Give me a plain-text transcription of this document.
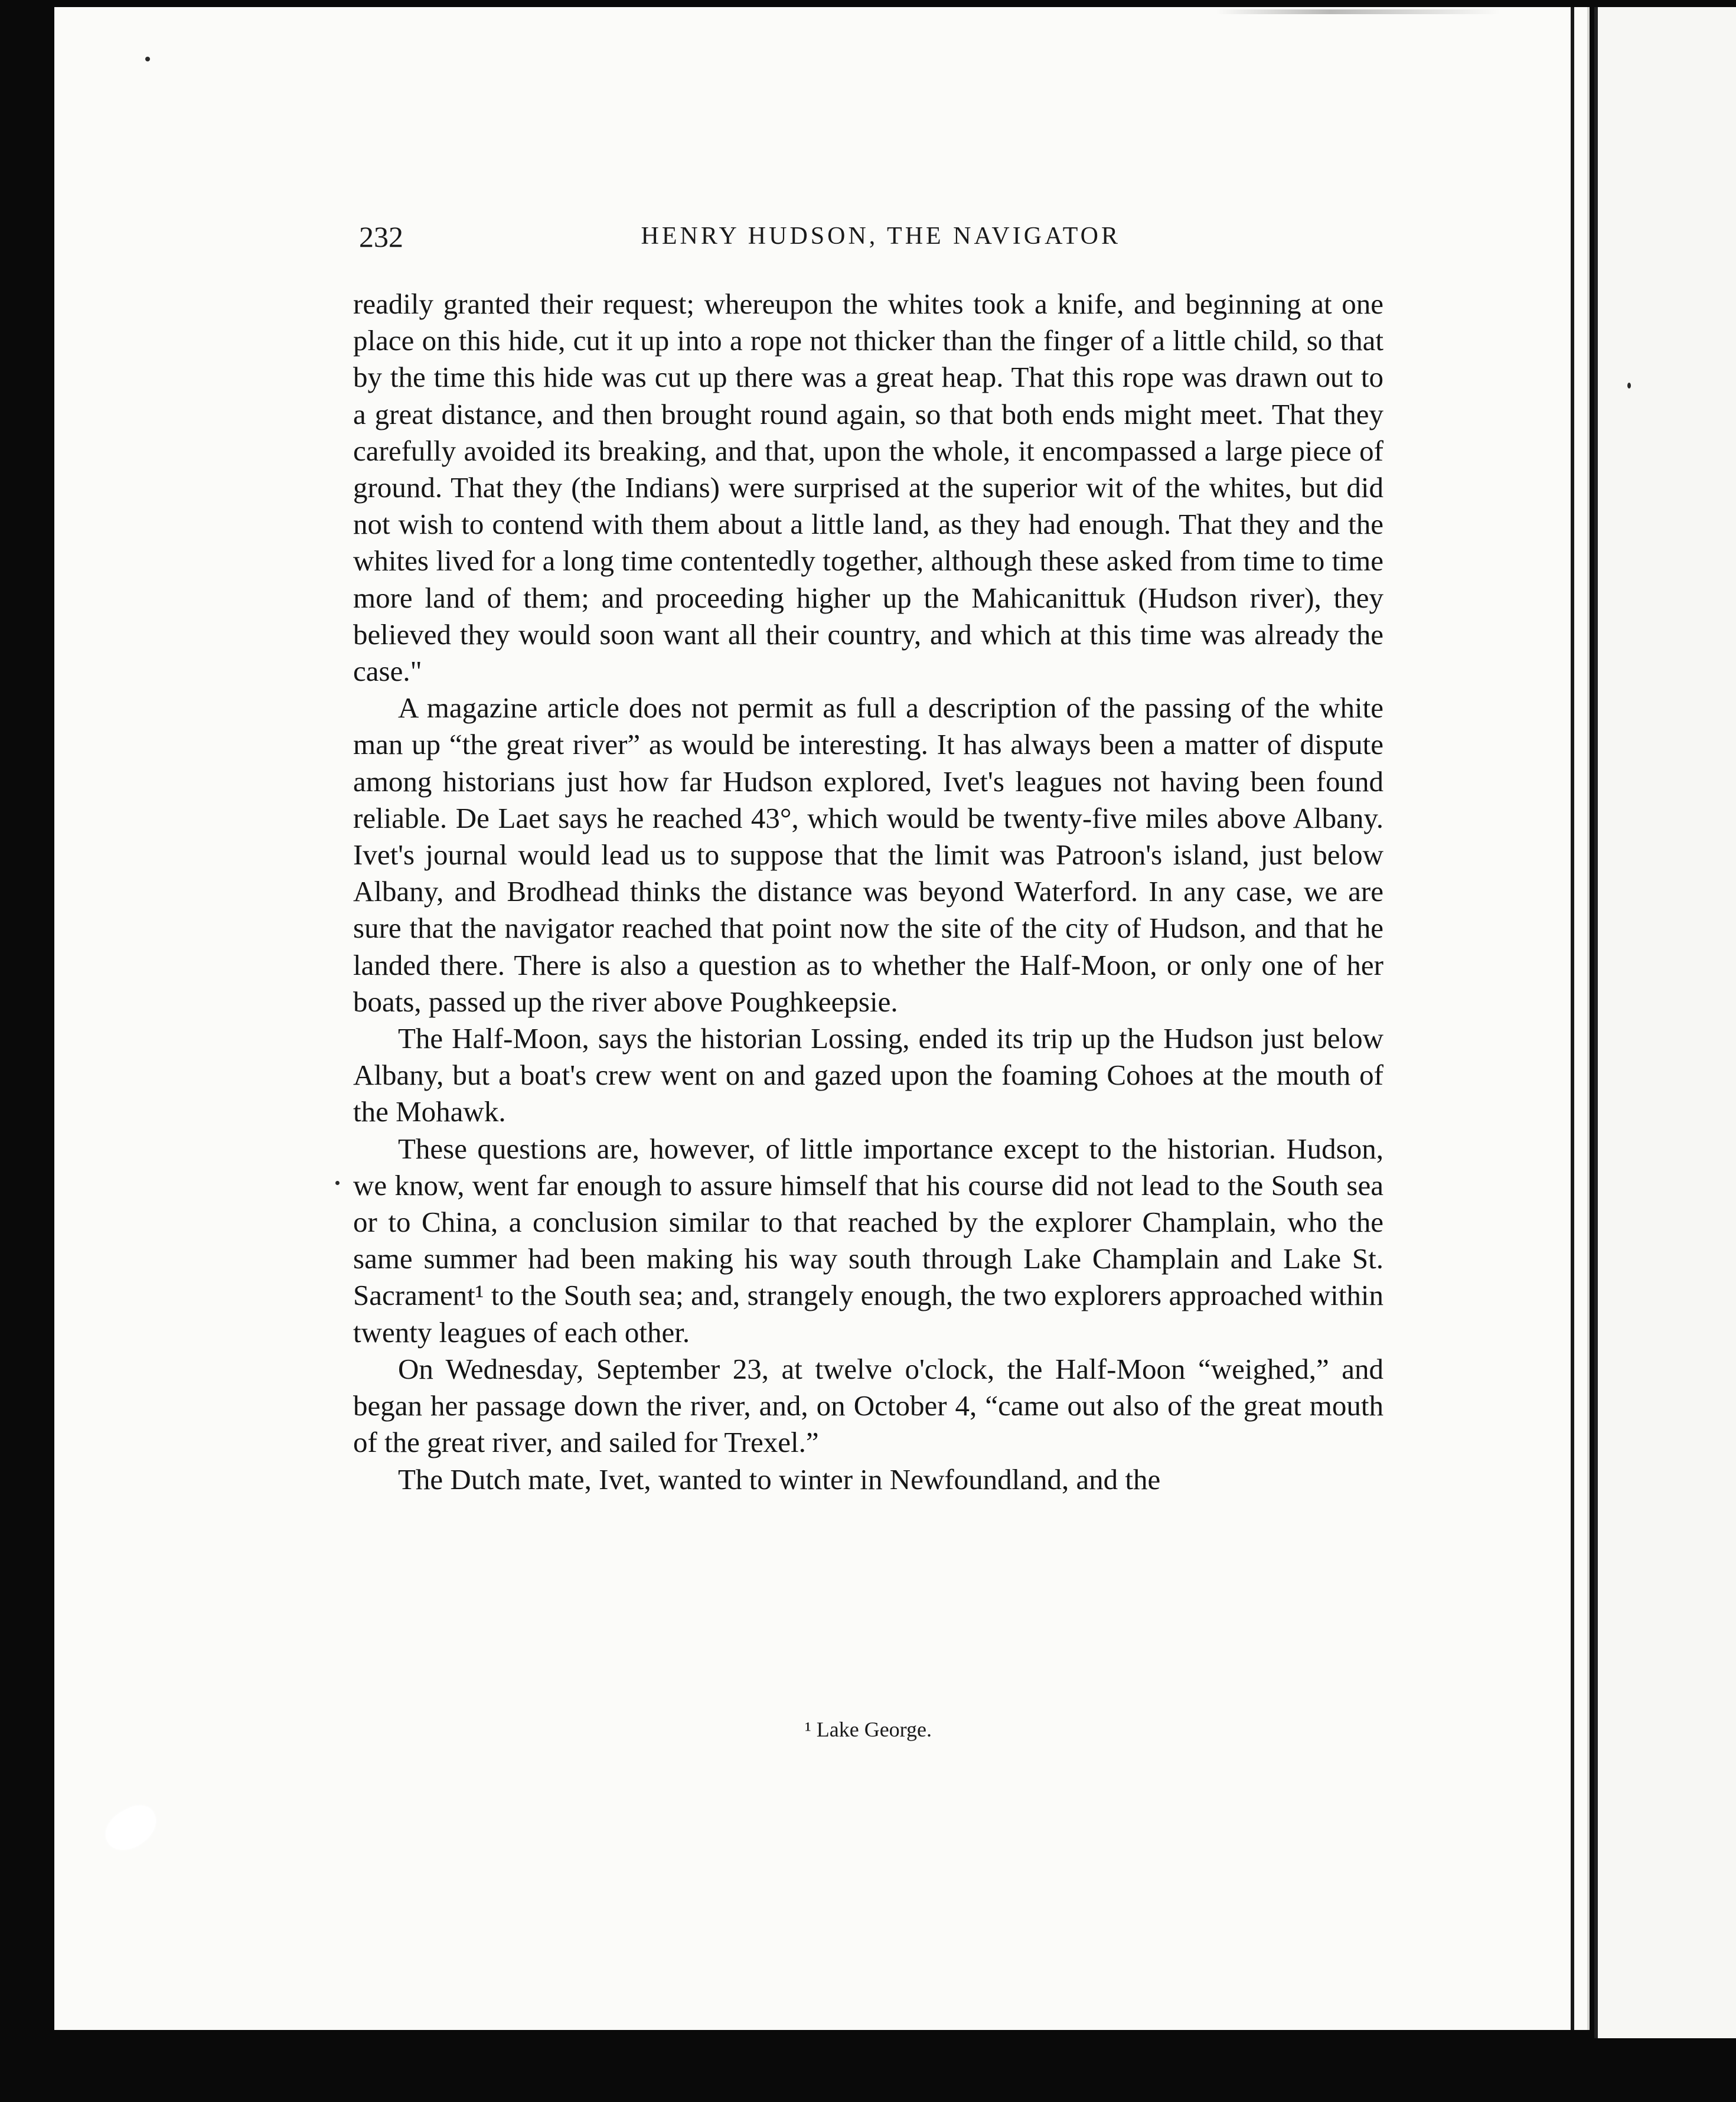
232	HENRY HUDSON, THE NAVIGATOR

readily granted their request; whereupon the whites took a knife, and beginning at one place on this hide, cut it up into a rope not thicker than the finger of a little child, so that by the time this hide was cut up there was a great heap. That this rope was drawn out to a great distance, and then brought round again, so that both ends might meet. That they carefully avoided its breaking, and that, upon the whole, it encompassed a large piece of ground. That they (the Indians) were surprised at the superior wit of the whites, but did not wish to contend with them about a little land, as they had enough. That they and the whites lived for a long time contentedly together, although these asked from time to time more land of them; and proceeding higher up the Mahicanittuk (Hudson river), they believed they would soon want all their country, and which at this time was already the case."

A magazine article does not permit as full a description of the passing of the white man up “the great river” as would be interesting. It has always been a matter of dispute among historians just how far Hudson explored, Ivet's leagues not having been found reliable. De Laet says he reached 43°, which would be twenty-five miles above Albany. Ivet's journal would lead us to suppose that the limit was Patroon's island, just below Albany, and Brodhead thinks the distance was beyond Waterford. In any case, we are sure that the navigator reached that point now the site of the city of Hudson, and that he landed there. There is also a question as to whether the Half-Moon, or only one of her boats, passed up the river above Poughkeepsie.

The Half-Moon, says the historian Lossing, ended its trip up the Hudson just below Albany, but a boat's crew went on and gazed upon the foaming Cohoes at the mouth of the Mohawk.

These questions are, however, of little importance except to the historian. Hudson, we know, went far enough to assure himself that his course did not lead to the South sea or to China, a conclusion similar to that reached by the explorer Champlain, who the same summer had been making his way south through Lake Champlain and Lake St. Sacrament¹ to the South sea; and, strangely enough, the two explorers approached within twenty leagues of each other.

On Wednesday, September 23, at twelve o'clock, the Half-Moon “weighed,” and began her passage down the river, and, on October 4, “came out also of the great mouth of the great river, and sailed for Trexel.”

The Dutch mate, Ivet, wanted to winter in Newfoundland, and the

¹ Lake George.
